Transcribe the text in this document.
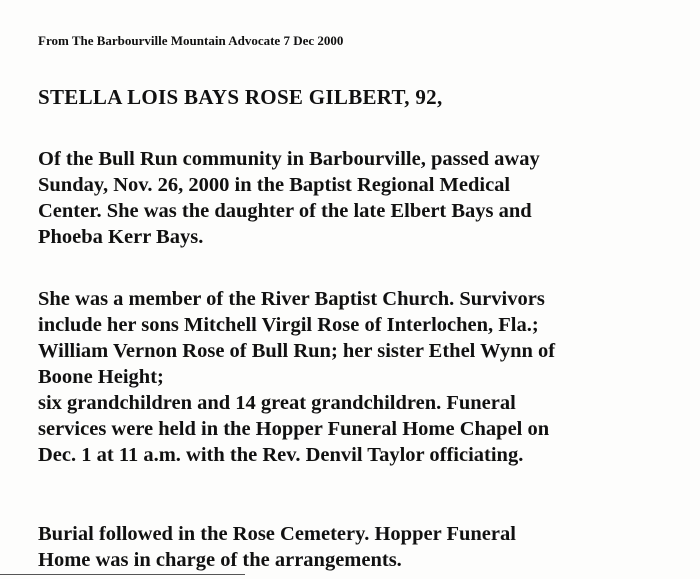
From The Barbourville Mountain Advocate 7 Dec 2000
STELLA LOIS BAYS ROSE GILBERT, 92,
Of the Bull Run community in Barbourville, passed away
Sunday, Nov. 26, 2000 in the Baptist Regional Medical
Center. She was the daughter of the late Elbert Bays and
Phoeba Kerr Bays.
She was a member of the River Baptist Church. Survivors
include her sons Mitchell Virgil Rose of Interlochen, Fla.;
William Vernon Rose of Bull Run; her sister Ethel Wynn of
Boone Height;
six grandchildren and 14 great grandchildren. Funeral
services were held in the Hopper Funeral Home Chapel on
Dec. 1 at 11 a.m. with the Rev. Denvil Taylor officiating.
Burial followed in the Rose Cemetery. Hopper Funeral
Home was in charge of the arrangements.
